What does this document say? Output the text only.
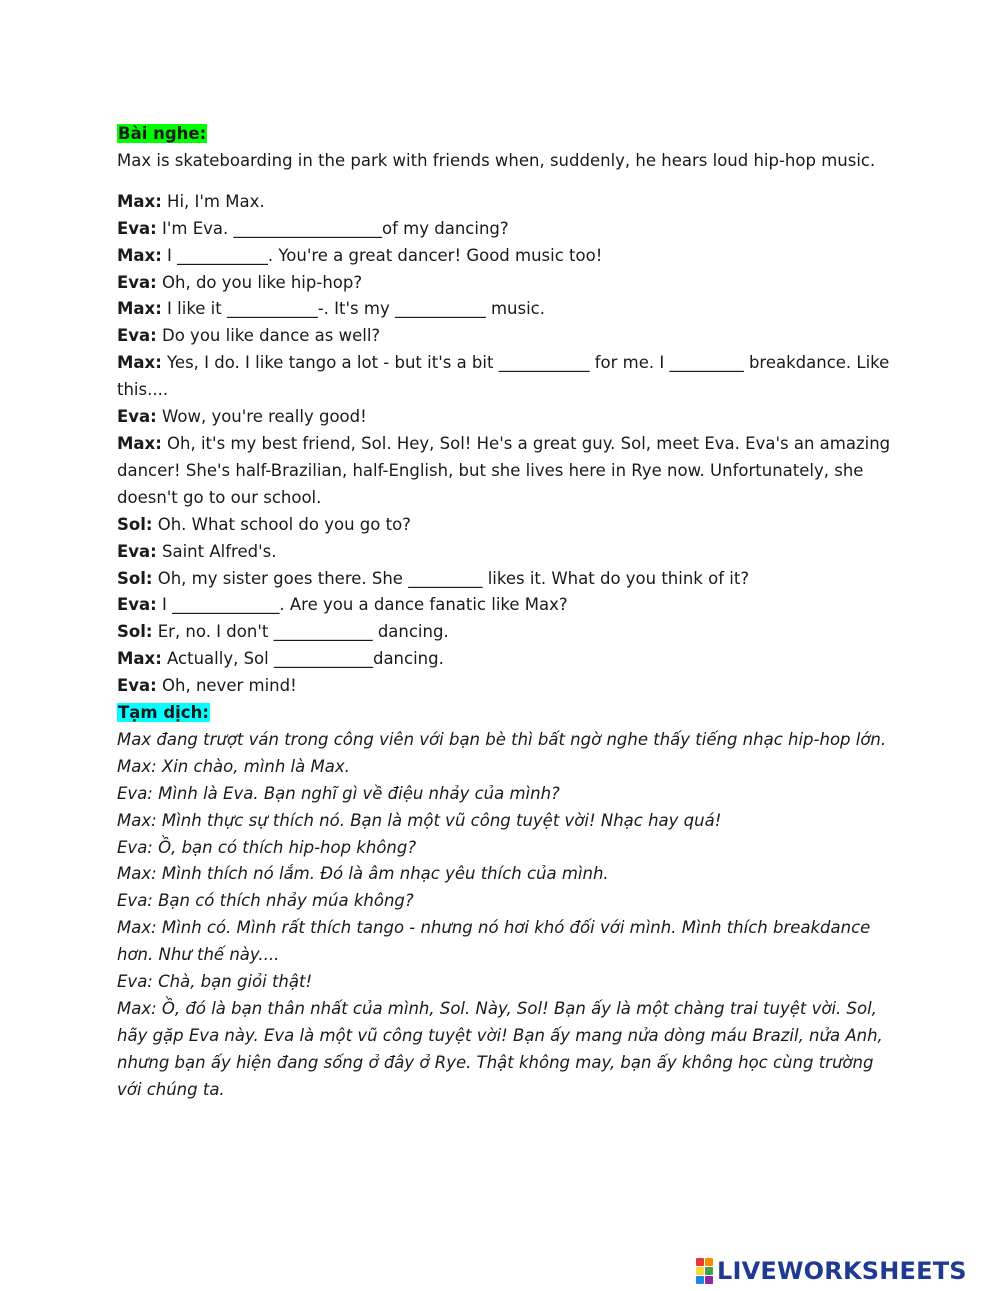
Bài nghe:

Max is skateboarding in the park with friends when, suddenly, he hears loud hip-hop music.

Max: Hi, I'm Max.

Eva: I'm Eva. __________________of my dancing?

Max: I ___________. You're a great dancer! Good music too!

Eva: Oh, do you like hip-hop?

Max: I like it ___________-. It's my ___________ music.

Eva: Do you like dance as well?

Max: Yes, I do. I like tango a lot - but it's a bit ___________ for me. I _________ breakdance. Like this....

Eva: Wow, you're really good!

Max: Oh, it's my best friend, Sol. Hey, Sol! He's a great guy. Sol, meet Eva. Eva's an amazing dancer! She's half-Brazilian, half-English, but she lives here in Rye now. Unfortunately, she doesn't go to our school.

Sol: Oh. What school do you go to?

Eva: Saint Alfred's.

Sol: Oh, my sister goes there. She _________ likes it. What do you think of it?

Eva: I _____________. Are you a dance fanatic like Max?

Sol: Er, no. I don't ____________ dancing.

Max: Actually, Sol ____________dancing.

Eva: Oh, never mind!

Tạm dịch:

Max đang trượt ván trong công viên với bạn bè thì bất ngờ nghe thấy tiếng nhạc hip-hop lớn.

Max: Xin chào, mình là Max.

Eva: Mình là Eva. Bạn nghĩ gì về điệu nhảy của mình?

Max: Mình thực sự thích nó. Bạn là một vũ công tuyệt vời! Nhạc hay quá!

Eva: Ồ, bạn có thích hip-hop không?

Max: Mình thích nó lắm. Đó là âm nhạc yêu thích của mình.

Eva: Bạn có thích nhảy múa không?

Max: Mình có. Mình rất thích tango - nhưng nó hơi khó đối với mình. Mình thích breakdance hơn. Như thế này....

Eva: Chà, bạn giỏi thật!

Max: Ồ, đó là bạn thân nhất của mình, Sol. Này, Sol! Bạn ấy là một chàng trai tuyệt vời. Sol, hãy gặp Eva này. Eva là một vũ công tuyệt vời! Bạn ấy mang nửa dòng máu Brazil, nửa Anh, nhưng bạn ấy hiện đang sống ở đây ở Rye. Thật không may, bạn ấy không học cùng trường với chúng ta.

LIVEWORKSHEETS
